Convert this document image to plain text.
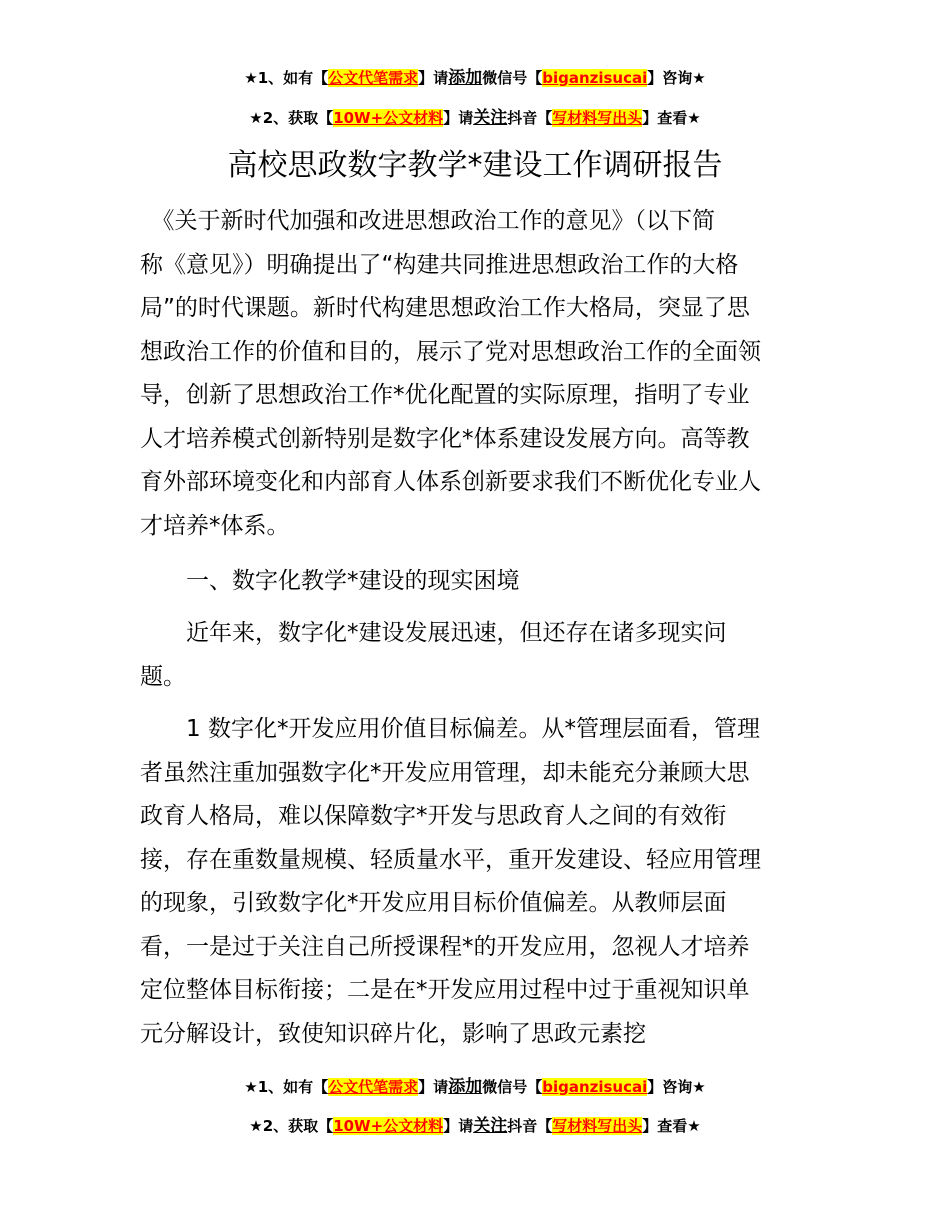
★1、如有【公文代笔需求】请添加微信号【biganzisucai】咨询★
★2、获取【10W+公文材料】请关注抖音【写材料写出头】查看★
高校思政数字教学*建设工作调研报告
　《关于新时代加强和改进思想政治工作的意见》（以下简
称《意见》）明确提出了“构建共同推进思想政治工作的大格
局”的时代课题。新时代构建思想政治工作大格局，突显了思
想政治工作的价值和目的，展示了党对思想政治工作的全面领
导，创新了思想政治工作*优化配置的实际原理，指明了专业
人才培养模式创新特别是数字化*体系建设发展方向。高等教
育外部环境变化和内部育人体系创新要求我们不断优化专业人
才培养*体系。
　　一、数字化教学*建设的现实困境
　　近年来，数字化*建设发展迅速，但还存在诸多现实问
题。
　　1 数字化*开发应用价值目标偏差。从*管理层面看，管理
者虽然注重加强数字化*开发应用管理，却未能充分兼顾大思
政育人格局，难以保障数字*开发与思政育人之间的有效衔
接，存在重数量规模、轻质量水平，重开发建设、轻应用管理
的现象，引致数字化*开发应用目标价值偏差。从教师层面
看，一是过于关注自己所授课程*的开发应用，忽视人才培养
定位整体目标衔接；二是在*开发应用过程中过于重视知识单
元分解设计，致使知识碎片化，影响了思政元素挖
★1、如有【公文代笔需求】请添加微信号【biganzisucai】咨询★
★2、获取【10W+公文材料】请关注抖音【写材料写出头】查看★
